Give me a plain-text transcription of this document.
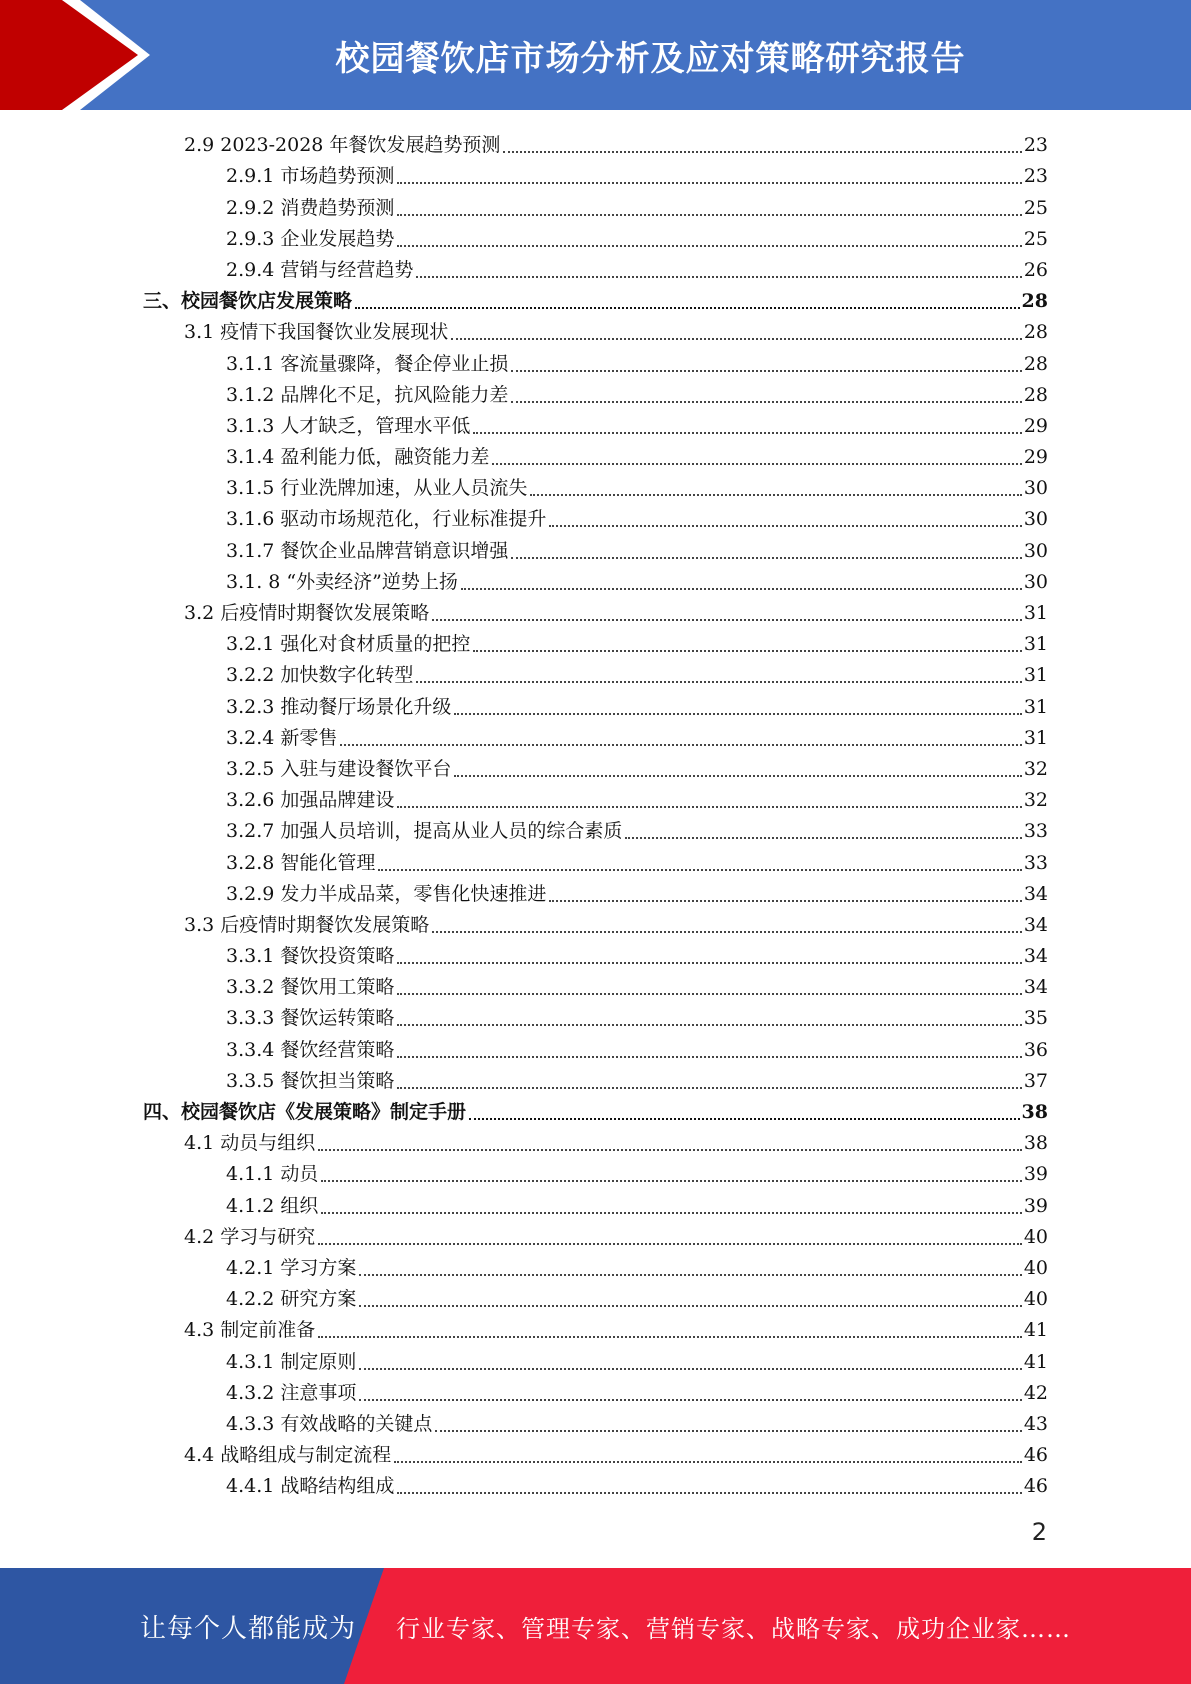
校园餐饮店市场分析及应对策略研究报告
2.9 2023-2028 年餐饮发展趋势预测	23
2.9.1 市场趋势预测	23
2.9.2 消费趋势预测	25
2.9.3 企业发展趋势	25
2.9.4 营销与经营趋势	26
三、校园餐饮店发展策略	28
3.1 疫情下我国餐饮业发展现状	28
3.1.1 客流量骤降，餐企停业止损	28
3.1.2 品牌化不足，抗风险能力差	28
3.1.3 人才缺乏，管理水平低	29
3.1.4 盈利能力低，融资能力差	29
3.1.5 行业洗牌加速，从业人员流失	30
3.1.6 驱动市场规范化，行业标准提升	30
3.1.7 餐饮企业品牌营销意识增强	30
3.1. 8 “外卖经济”逆势上扬	30
3.2 后疫情时期餐饮发展策略	31
3.2.1 强化对食材质量的把控	31
3.2.2 加快数字化转型	31
3.2.3 推动餐厅场景化升级	31
3.2.4 新零售	31
3.2.5 入驻与建设餐饮平台	32
3.2.6 加强品牌建设	32
3.2.7 加强人员培训，提高从业人员的综合素质	33
3.2.8 智能化管理	33
3.2.9 发力半成品菜，零售化快速推进	34
3.3 后疫情时期餐饮发展策略	34
3.3.1 餐饮投资策略	34
3.3.2 餐饮用工策略	34
3.3.3 餐饮运转策略	35
3.3.4 餐饮经营策略	36
3.3.5 餐饮担当策略	37
四、校园餐饮店《发展策略》制定手册	38
4.1 动员与组织	38
4.1.1 动员	39
4.1.2 组织	39
4.2 学习与研究	40
4.2.1 学习方案	40
4.2.2 研究方案	40
4.3 制定前准备	41
4.3.1 制定原则	41
4.3.2 注意事项	42
4.3.3 有效战略的关键点	43
4.4 战略组成与制定流程	46
4.4.1 战略结构组成	46
2
让每个人都能成为 行业专家、管理专家、营销专家、战略专家、成功企业家……
